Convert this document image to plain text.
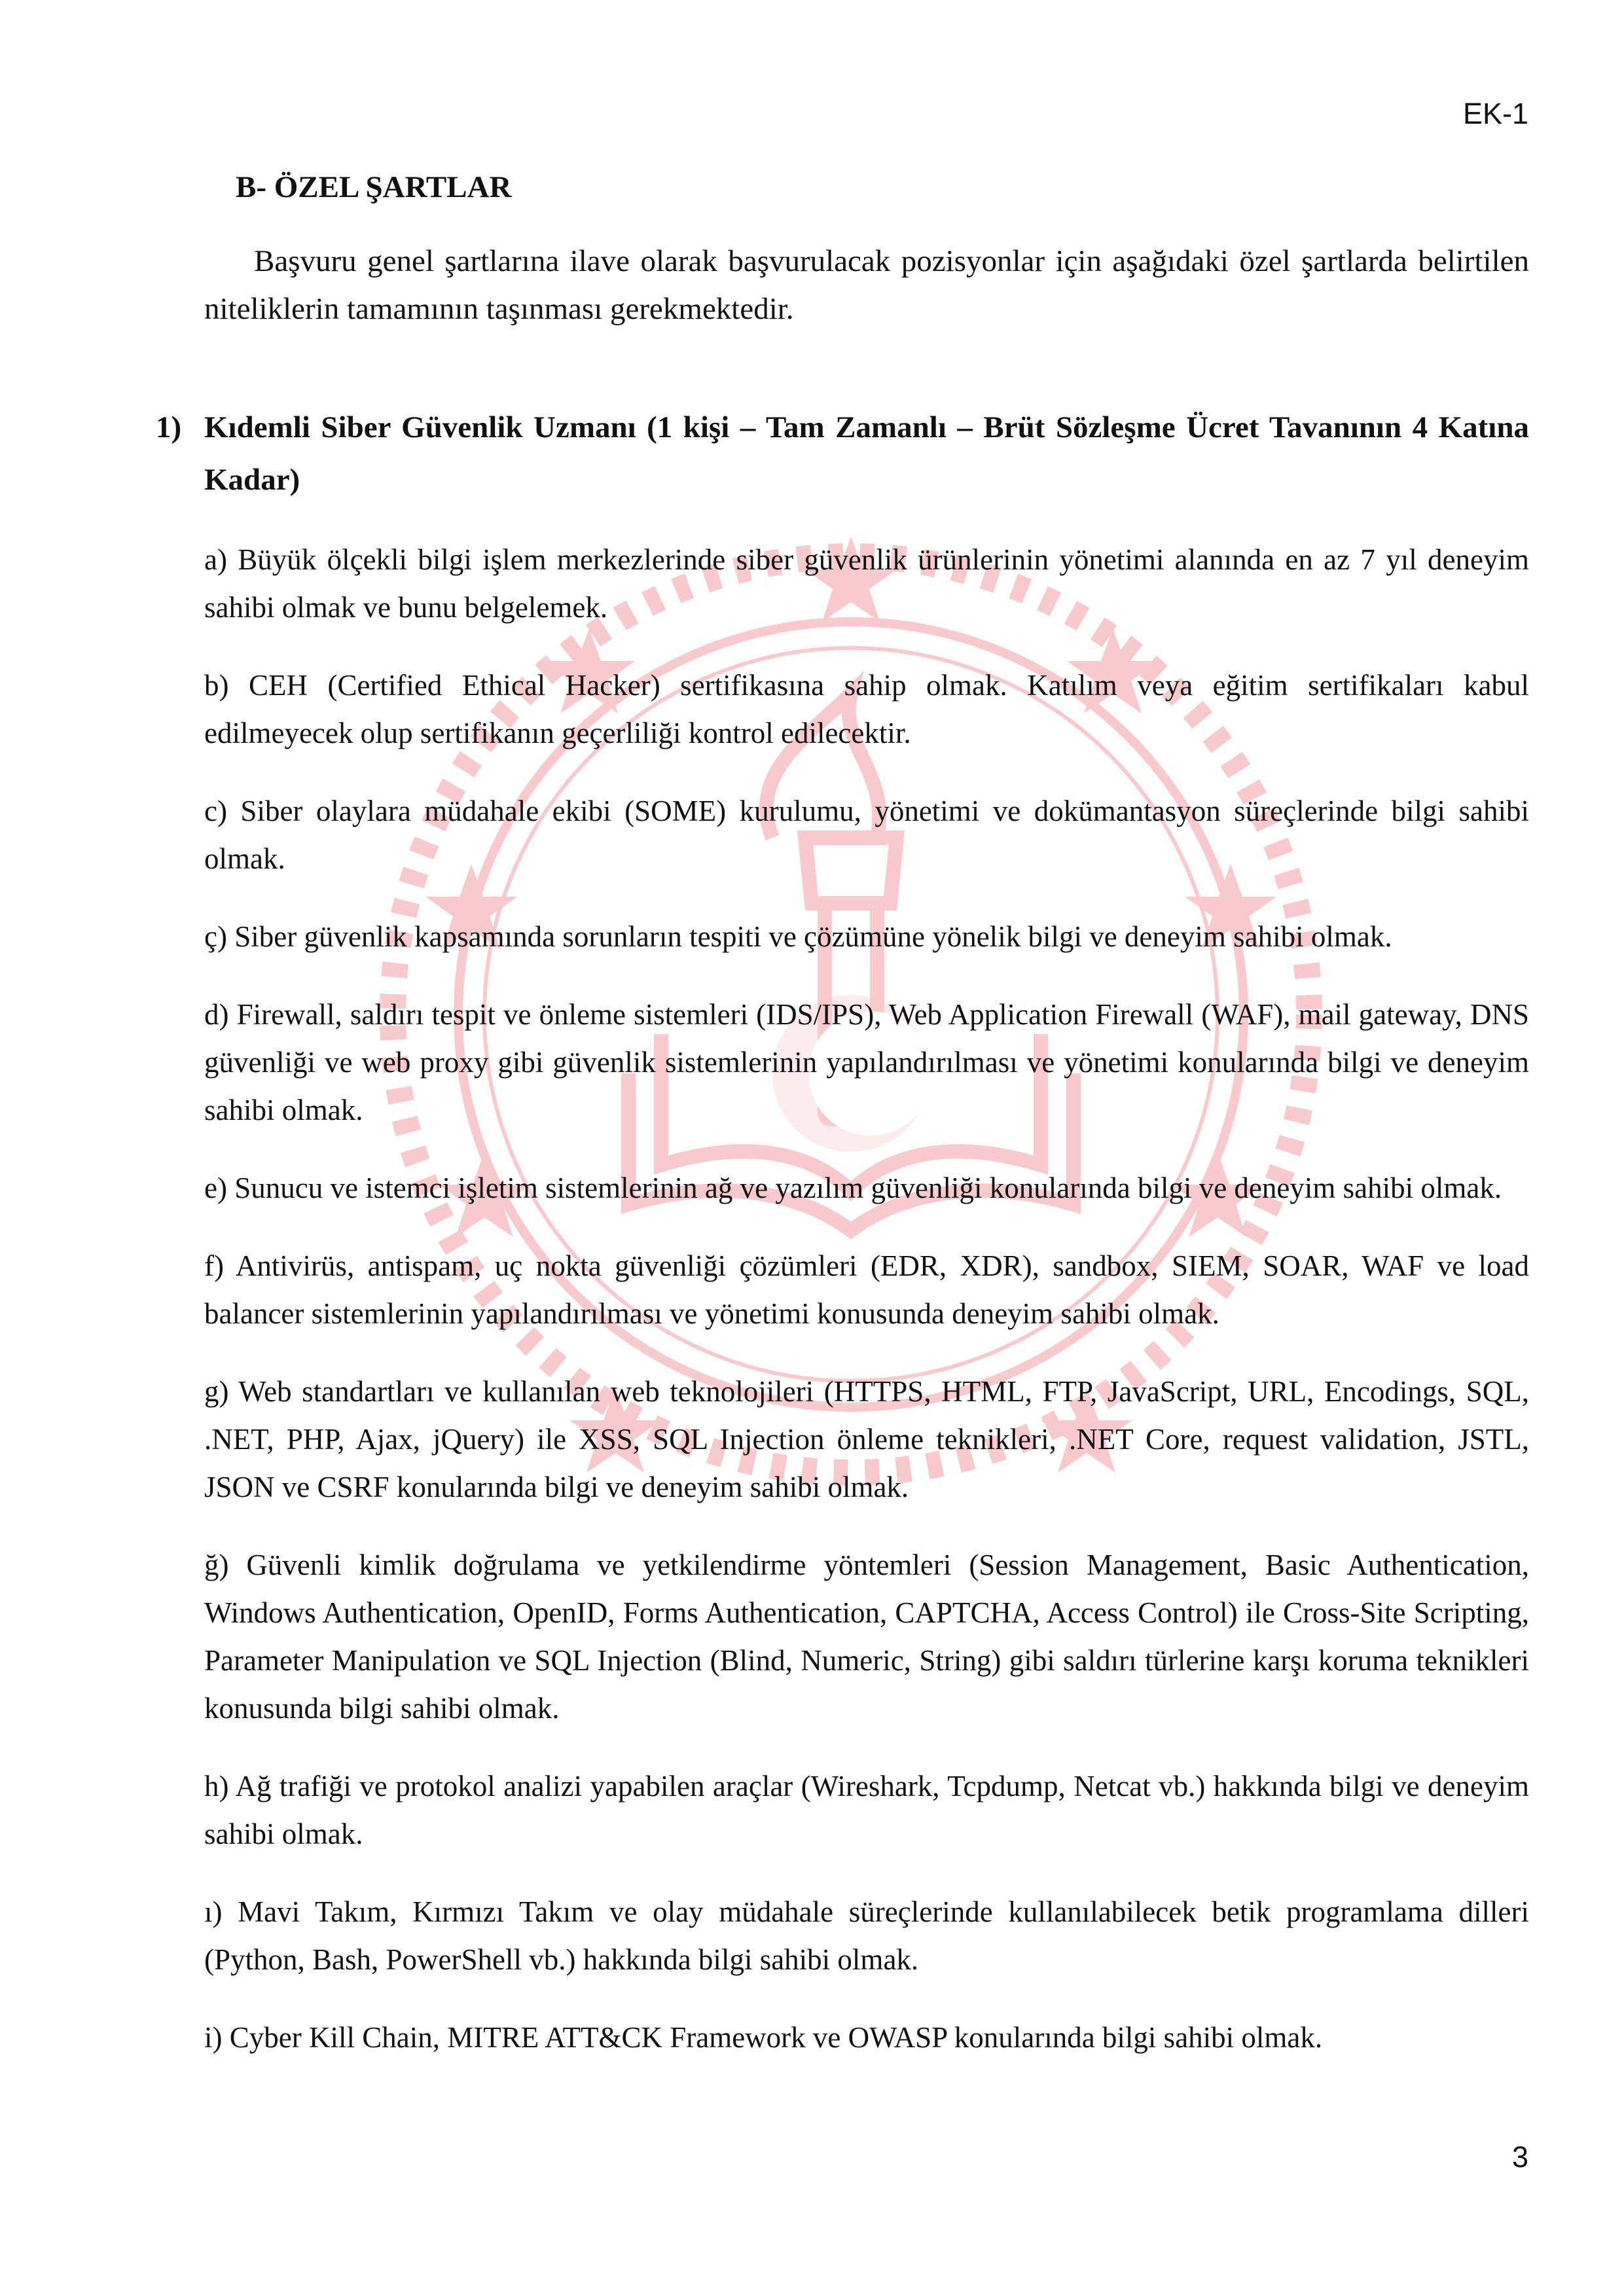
EK-1
B- ÖZEL ŞARTLAR

Başvuru genel şartlarına ilave olarak başvurulacak pozisyonlar için aşağıdaki özel şartlarda belirtilen niteliklerin tamamının taşınması gerekmektedir.

1) Kıdemli Siber Güvenlik Uzmanı (1 kişi – Tam Zamanlı – Brüt Sözleşme Ücret Tavanının 4 Katına Kadar)

a) Büyük ölçekli bilgi işlem merkezlerinde siber güvenlik ürünlerinin yönetimi alanında en az 7 yıl deneyim sahibi olmak ve bunu belgelemek.

b) CEH (Certified Ethical Hacker) sertifikasına sahip olmak. Katılım veya eğitim sertifikaları kabul edilmeyecek olup sertifikanın geçerliliği kontrol edilecektir.

c) Siber olaylara müdahale ekibi (SOME) kurulumu, yönetimi ve dokümantasyon süreçlerinde bilgi sahibi olmak.

ç) Siber güvenlik kapsamında sorunların tespiti ve çözümüne yönelik bilgi ve deneyim sahibi olmak.

d) Firewall, saldırı tespit ve önleme sistemleri (IDS/IPS), Web Application Firewall (WAF), mail gateway, DNS güvenliği ve web proxy gibi güvenlik sistemlerinin yapılandırılması ve yönetimi konularında bilgi ve deneyim sahibi olmak.

e) Sunucu ve istemci işletim sistemlerinin ağ ve yazılım güvenliği konularında bilgi ve deneyim sahibi olmak.

f) Antivirüs, antispam, uç nokta güvenliği çözümleri (EDR, XDR), sandbox, SIEM, SOAR, WAF ve load balancer sistemlerinin yapılandırılması ve yönetimi konusunda deneyim sahibi olmak.

g) Web standartları ve kullanılan web teknolojileri (HTTPS, HTML, FTP, JavaScript, URL, Encodings, SQL, .NET, PHP, Ajax, jQuery) ile XSS, SQL Injection önleme teknikleri, .NET Core, request validation, JSTL, JSON ve CSRF konularında bilgi ve deneyim sahibi olmak.

ğ) Güvenli kimlik doğrulama ve yetkilendirme yöntemleri (Session Management, Basic Authentication, Windows Authentication, OpenID, Forms Authentication, CAPTCHA, Access Control) ile Cross-Site Scripting, Parameter Manipulation ve SQL Injection (Blind, Numeric, String) gibi saldırı türlerine karşı koruma teknikleri konusunda bilgi sahibi olmak.

h) Ağ trafiği ve protokol analizi yapabilen araçlar (Wireshark, Tcpdump, Netcat vb.) hakkında bilgi ve deneyim sahibi olmak.

ı) Mavi Takım, Kırmızı Takım ve olay müdahale süreçlerinde kullanılabilecek betik programlama dilleri (Python, Bash, PowerShell vb.) hakkında bilgi sahibi olmak.

i) Cyber Kill Chain, MITRE ATT&CK Framework ve OWASP konularında bilgi sahibi olmak.

3
